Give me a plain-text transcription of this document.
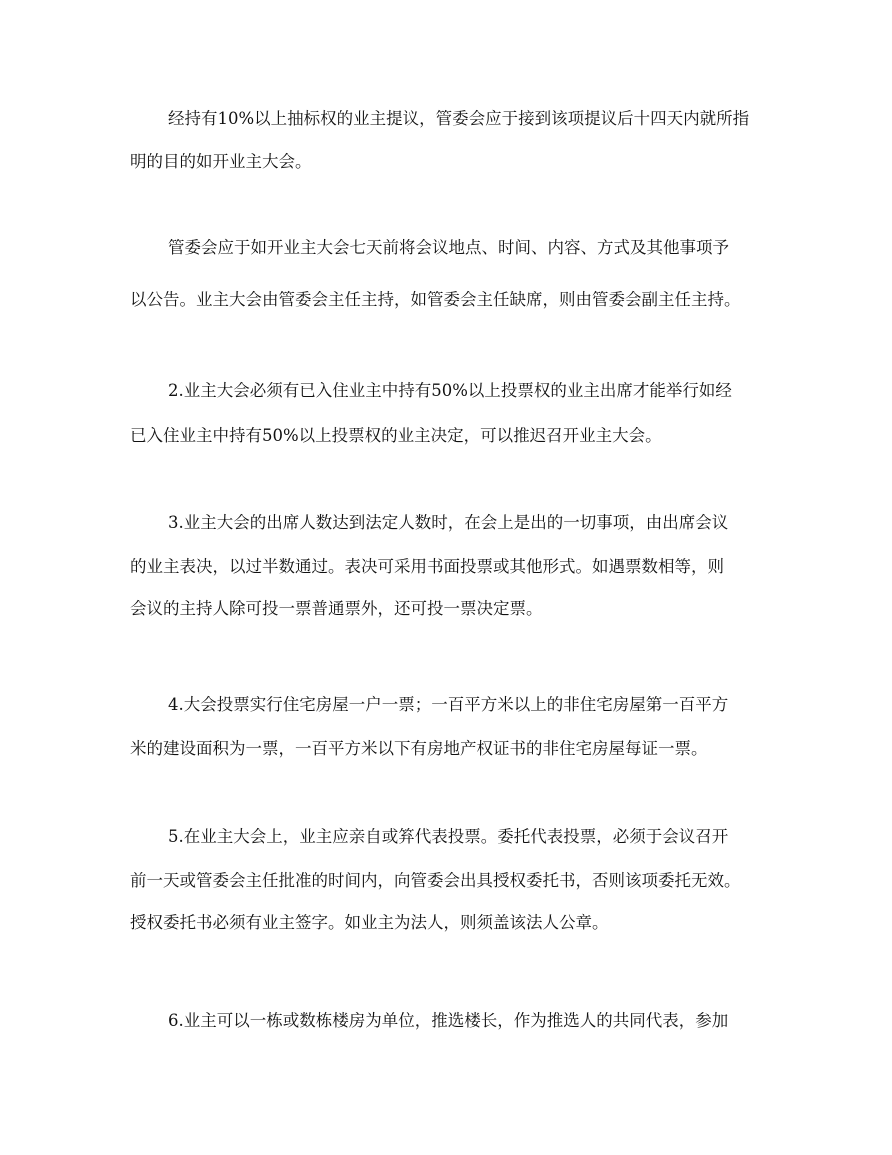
经持有10%以上抽标权的业主提议，管委会应于接到该项提议后十四天内就所指
明的目的如开业主大会。
管委会应于如开业主大会七天前将会议地点、时间、内容、方式及其他事项予
以公告。业主大会由管委会主任主持，如管委会主任缺席，则由管委会副主任主持。
2.业主大会必须有已入住业主中持有50%以上投票权的业主出席才能举行如经
已入住业主中持有50%以上投票权的业主决定，可以推迟召开业主大会。
3.业主大会的出席人数达到法定人数时，在会上是出的一切事项，由出席会议
的业主表决，以过半数通过。表决可采用书面投票或其他形式。如遇票数相等，则
会议的主持人除可投一票普通票外，还可投一票决定票。
4.大会投票实行住宅房屋一户一票；一百平方米以上的非住宅房屋第一百平方
米的建设面积为一票，一百平方米以下有房地产权证书的非住宅房屋每证一票。
5.在业主大会上，业主应亲自或笲代表投票。委托代表投票，必须于会议召开
前一天或管委会主任批准的时间内，向管委会出具授权委托书，否则该项委托无效。
授权委托书必须有业主签字。如业主为法人，则须盖该法人公章。
6.业主可以一栋或数栋楼房为单位，推选楼长，作为推选人的共同代表，参加
